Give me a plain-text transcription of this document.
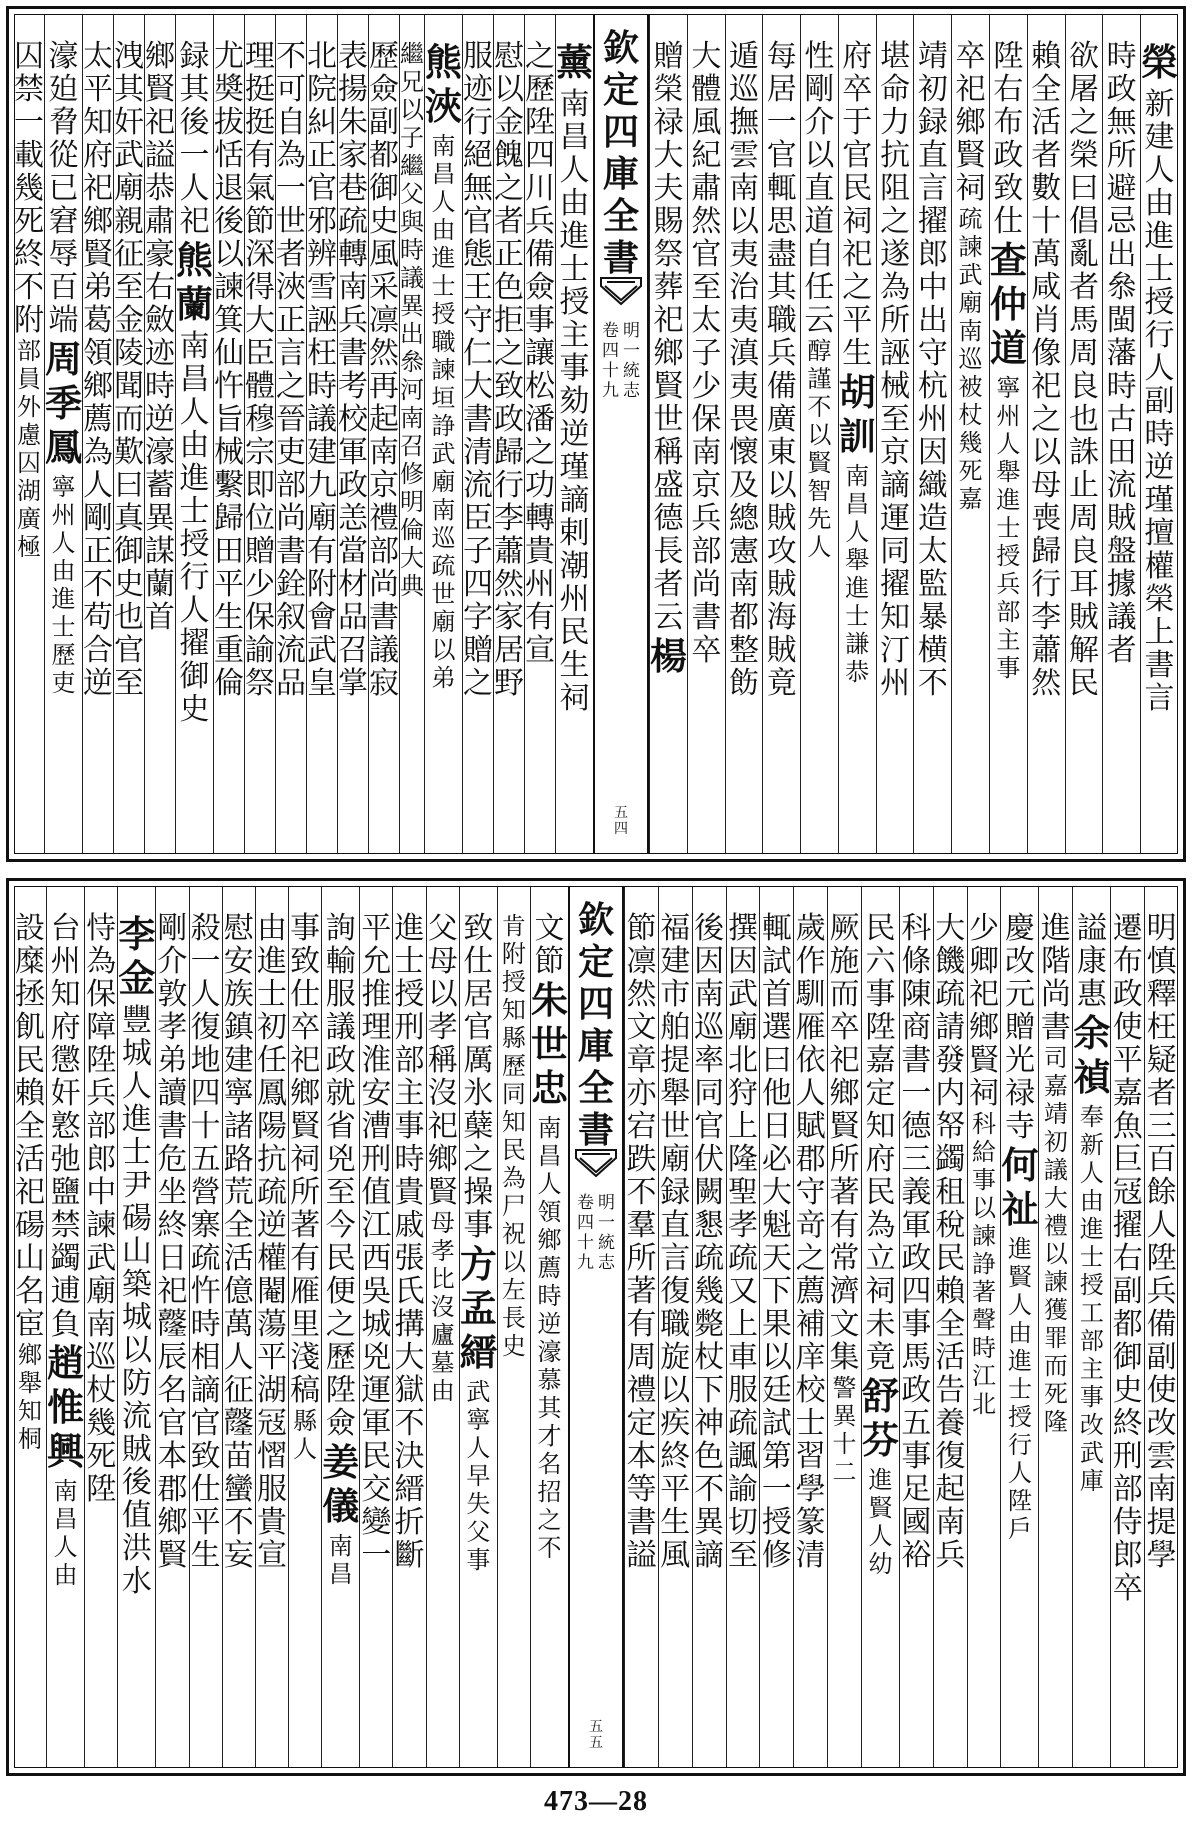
榮
新
建
人
由
進
士
授
行
人
副
時
逆
瑾
擅
權
榮
上
書
言
時
政
無
所
避
忌
出
叅
閩
藩
時
古
田
流
賊
盤
據
議
者
欲
屠
之
榮
曰
倡
亂
者
馬
周
良
也
誅
止
周
良
耳
賊
解
民
賴
全
活
者
數
十
萬
咸
肖
像
祀
之
以
母
喪
歸
行
李
蕭
然
陞
右
布
政
致
仕
查
仲
道
寧
州
人
舉
進
士
授
兵
部
主
事
卒
祀
鄉
賢
祠
疏
諫
武
廟
南
巡
被
杖
幾
死
嘉
靖
初
録
直
言
擢
郎
中
出
守
杭
州
因
織
造
太
監
暴
横
不
堪
命
力
抗
阻
之
遂
為
所
誣
械
至
京
謫
運
同
擢
知
汀
州
府
卒
于
官
民
祠
祀
之
平
生
胡
訓
南
昌
人
舉
進
士
謙
恭
性
剛
介
以
直
道
自
任
云
醇
謹
不
以
賢
智
先
人
每
居
一
官
輒
思
盡
其
職
兵
備
廣
東
以
賊
攻
賊
海
賊
竟
遁
巡
撫
雲
南
以
夷
治
夷
滇
夷
畏
懷
及
總
憲
南
都
整
飭
大
體
風
紀
肅
然
官
至
太
子
少
保
南
京
兵
部
尚
書
卒
贈
榮
禄
大
夫
賜
祭
葬
祀
鄉
賢
世
稱
盛
德
長
者
云
楊
欽
定
四
庫
全
書
明
一
統
志
卷
四
十
九
五
四
薰
南
昌
人
由
進
士
授
主
事
劾
逆
瑾
謫
剌
潮
州
民
生
祠
之
歷
陞
四
川
兵
備
僉
事
讓
松
潘
之
功
轉
貴
州
有
宣
慰
以
金
餽
之
者
正
色
拒
之
致
政
歸
行
李
蕭
然
家
居
野
服
迹
行
絕
無
官
態
王
守
仁
大
書
清
流
臣
子
四
字
贈
之
熊
浹
南
昌
人
由
進
士
授
職
諫
垣
諍
武
廟
南
巡
疏
世
廟
以
弟
繼
兄
以
子
繼
父
與
時
議
異
出
叅
河
南
召
修
明
倫
大
典
歷
僉
副
都
御
史
風
采
凛
然
再
起
南
京
禮
部
尚
書
議
寂
表
揚
朱
家
巷
疏
轉
南
兵
書
考
校
軍
政
恙
當
材
品
召
掌
北
院
糾
正
官
邪
辨
雪
誣
枉
時
議
建
九
廟
有
附
會
武
皇
不
可
自
為
一
世
者
浹
正
言
之
晉
吏
部
尚
書
銓
叙
流
品
理
挺
挺
有
氣
節
深
得
大
臣
體
穆
宗
即
位
贈
少
保
諭
祭
尤
奬
拔
恬
退
後
以
諫
箕
仙
忤
旨
械
繫
歸
田
平
生
重
倫
録
其
後
一
人
祀
熊
蘭
南
昌
人
由
進
士
授
行
人
擢
御
史
鄉
賢
祀
謚
恭
肅
豪
右
斂
迹
時
逆
濠
蓄
異
謀
蘭
首
洩
其
奸
武
廟
親
征
至
金
陵
聞
而
歎
曰
真
御
史
也
官
至
太
平
知
府
祀
鄉
賢
弟
葛
領
鄉
薦
為
人
剛
正
不
苟
合
逆
濠
廹
脅
從
已
窘
辱
百
端
周
季
鳳
寧
州
人
由
進
士
歷
吏
囚
禁
一
載
幾
死
終
不
附
部
員
外
慮
囚
湖
廣
極
明
慎
釋
枉
疑
者
三
百
餘
人
陞
兵
備
副
使
改
雲
南
提
學
遷
布
政
使
平
嘉
魚
巨
冦
擢
右
副
都
御
史
終
刑
部
侍
郎
卒
謚
康
惠
余
禎
奉
新
人
由
進
士
授
工
部
主
事
改
武
庫
進
階
尚
書
司
嘉
靖
初
議
大
禮
以
諫
獲
罪
而
死
隆
慶
改
元
贈
光
禄
寺
何
祉
進
賢
人
由
進
士
授
行
人
陞
戶
少
卿
祀
鄉
賢
祠
科
給
事
以
諫
諍
著
聲
時
江
北
大
饑
疏
請
發
内
帑
蠲
租
稅
民
賴
全
活
告
養
復
起
南
兵
科
條
陳
商
書
一
德
三
義
軍
政
四
事
馬
政
五
事
足
國
裕
民
六
事
陞
嘉
定
知
府
民
為
立
祠
未
竟
舒
芬
進
賢
人
幼
厥
施
而
卒
祀
鄉
賢
所
著
有
常
濟
文
集
警
異
十
二
歲
作
馴
雁
依
人
賦
郡
守
竒
之
薦
補
庠
校
士
習
學
篆
清
輒
試
首
選
曰
他
日
必
大
魁
天
下
果
以
廷
試
第
一
授
修
撰
因
武
廟
北
狩
上
隆
聖
孝
疏
又
上
車
服
疏
諷
諭
切
至
後
因
南
巡
率
同
官
伏
闕
懇
疏
幾
斃
杖
下
神
色
不
異
謫
福
建
市
舶
提
舉
世
廟
録
直
言
復
職
旋
以
疾
終
平
生
風
節
凛
然
文
章
亦
宕
跌
不
羣
所
著
有
周
禮
定
本
等
書
謚
欽
定
四
庫
全
書
明
一
統
志
卷
四
十
九
五
五
文
節
朱
世
忠
南
昌
人
領
鄉
薦
時
逆
濠
慕
其
才
名
招
之
不
肯
附
授
知
縣
歷
同
知
民
為
尸
祝
以
左
長
史
致
仕
居
官
厲
氷
蘖
之
操
事
方
孟
縉
武
寧
人
早
失
父
事
父
母
以
孝
稱
沒
祀
鄉
賢
母
孝
比
沒
廬
墓
由
進
士
授
刑
部
主
事
時
貴
戚
張
氏
搆
大
獄
不
決
縉
折
斷
平
允
推
理
淮
安
漕
刑
值
江
西
吳
城
兇
運
軍
民
交
變
一
詢
輸
服
議
政
就
省
兇
至
今
民
便
之
歷
陞
僉
姜
儀
南
昌
事
致
仕
卒
祀
鄉
賢
祠
所
著
有
雁
里
淺
稿
縣
人
由
進
士
初
任
鳳
陽
抗
疏
逆
權
閹
蕩
平
湖
冦
慴
服
貴
宣
慰
安
族
鎮
建
寧
諸
路
荒
全
活
億
萬
人
征
𥀼
苗
蠻
不
妄
殺
一
人
復
地
四
十
五
營
寨
疏
忤
時
相
謫
官
致
仕
平
生
剛
介
敦
孝
弟
讀
書
危
坐
終
日
祀
𥀼
辰
名
官
本
郡
鄉
賢
李
金
豐
城
人
進
士
尹
碭
山
築
城
以
防
流
賊
後
值
洪
水
恃
為
保
障
陞
兵
部
郎
中
諫
武
廟
南
巡
杖
幾
死
陞
台
州
知
府
懲
奸
憝
弛
鹽
禁
蠲
逋
負
趙
惟
興
南
昌
人
由
設
糜
拯
飢
民
賴
全
活
祀
碭
山
名
宦
鄉
舉
知
桐
473—28
